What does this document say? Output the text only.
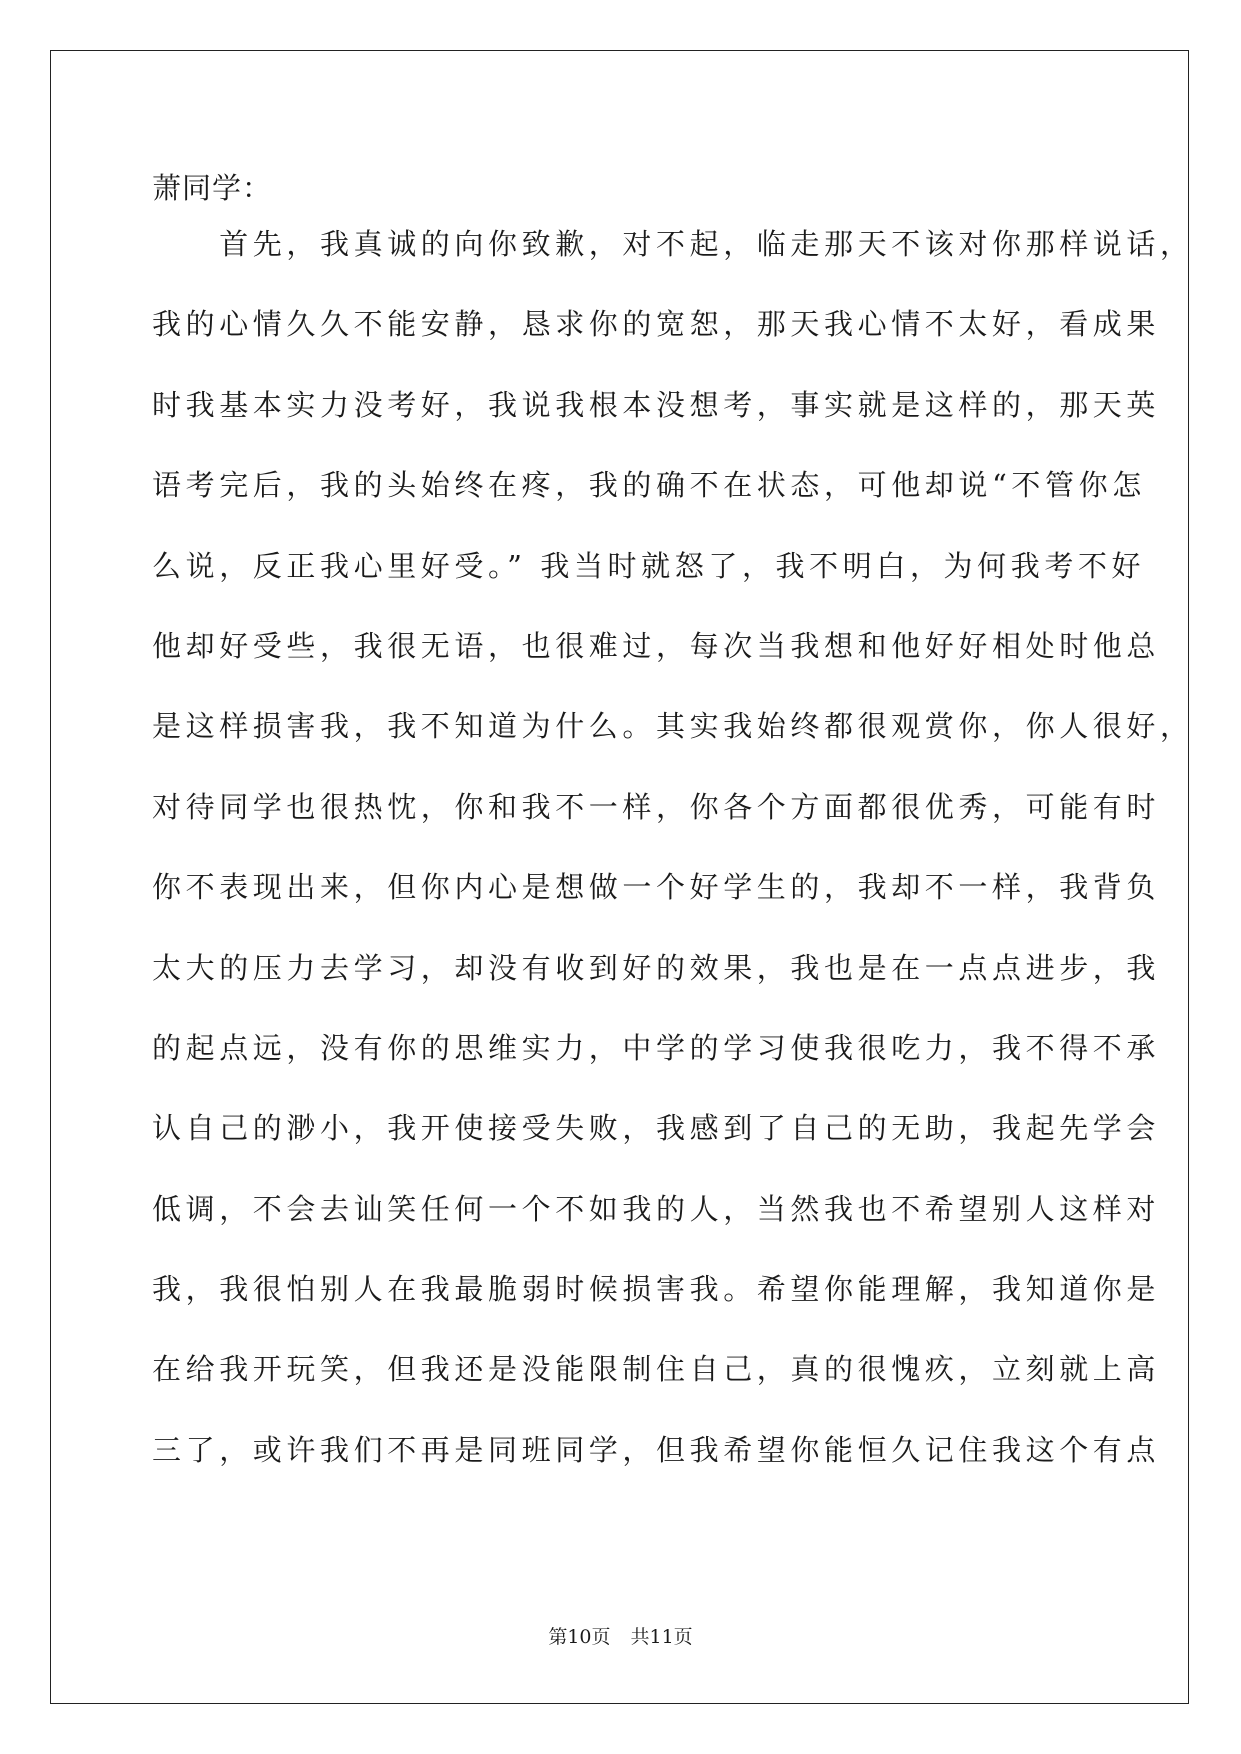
萧同学：

　　首先，我真诚的向你致歉，对不起，临走那天不该对你那样说话，
我的心情久久不能安静，恳求你的宽恕，那天我心情不太好，看成果
时我基本实力没考好，我说我根本没想考，事实就是这样的，那天英
语考完后，我的头始终在疼，我的确不在状态，可他却说“不管你怎
么说，反正我心里好受。” 我当时就怒了，我不明白，为何我考不好
他却好受些，我很无语，也很难过，每次当我想和他好好相处时他总
是这样损害我，我不知道为什么。其实我始终都很观赏你，你人很好，
对待同学也很热忱，你和我不一样，你各个方面都很优秀，可能有时
你不表现出来，但你内心是想做一个好学生的，我却不一样，我背负
太大的压力去学习，却没有收到好的效果，我也是在一点点进步，我
的起点远，没有你的思维实力，中学的学习使我很吃力，我不得不承
认自己的渺小，我开使接受失败，我感到了自己的无助，我起先学会
低调，不会去讪笑任何一个不如我的人，当然我也不希望别人这样对
我，我很怕别人在我最脆弱时候损害我。希望你能理解，我知道你是
在给我开玩笑，但我还是没能限制住自己，真的很愧疚，立刻就上高
三了，或许我们不再是同班同学，但我希望你能恒久记住我这个有点
第10页 共11页
